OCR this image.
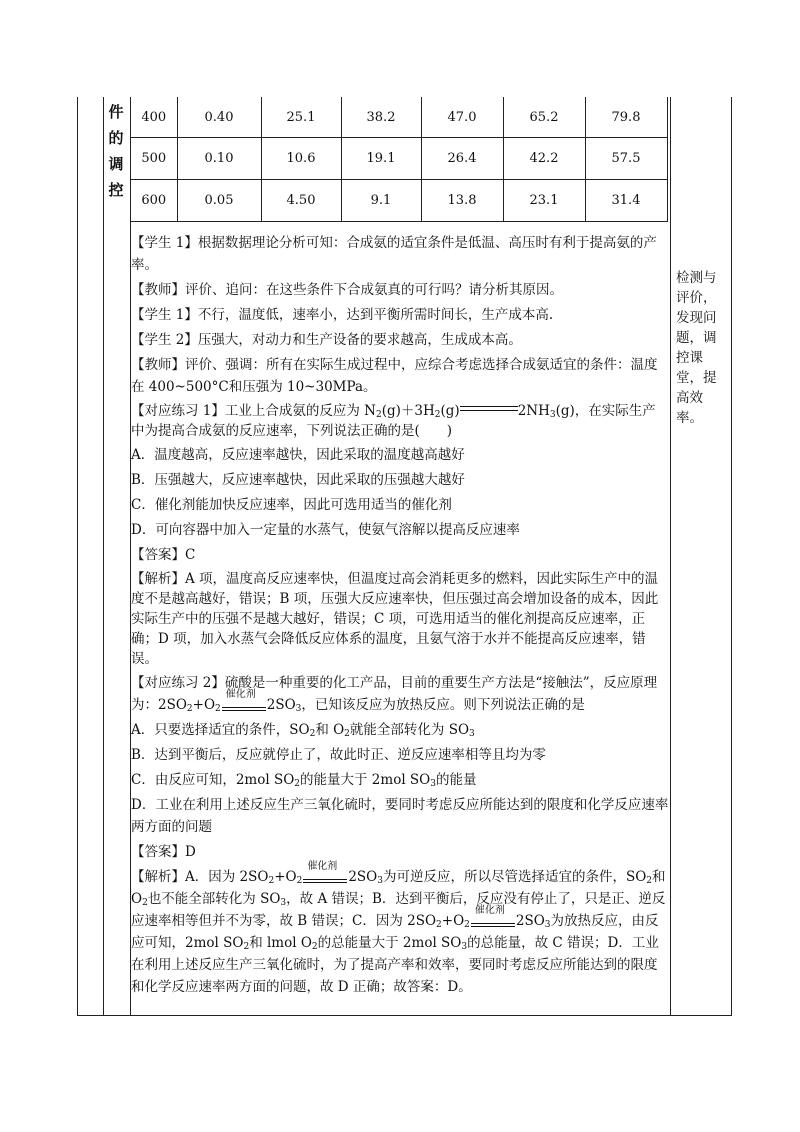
件
的
调
控
400	0.40	25.1	38.2	47.0	65.2	79.8
500	0.10	10.6	19.1	26.4	42.2	57.5
600	0.05	4.50	9.1	13.8	23.1	31.4

【学生 1】根据数据理论分析可知：合成氨的适宜条件是低温、高压时有利于提高氨的产率。

【教师】评价、追问：在这些条件下合成氨真的可行吗？请分析其原因。

【学生 1】不行，温度低，速率小，达到平衡所需时间长，生产成本高.

【学生 2】压强大，对动力和生产设备的要求越高，生成成本高。

【教师】评价、强调：所有在实际生成过程中，应综合考虑选择合成氨适宜的条件：温度在 400~500°C和压强为 10~30MPa。

【对应练习 1】工业上合成氨的反应为 $N_2(g)+3H_2(g)$	$2NH_3(g)$，在实际生产中为提高合成氨的反应速率，下列说法正确的是(　　)

A．温度越高，反应速率越快，因此采取的温度越高越好

B．压强越大，反应速率越快，因此采取的压强越大越好

C．催化剂能加快反应速率，因此可选用适当的催化剂

D．可向容器中加入一定量的水蒸气，使氨气溶解以提高反应速率

【答案】C

【解析】A 项，温度高反应速率快，但温度过高会消耗更多的燃料，因此实际生产中的温度不是越高越好，错误；B 项，压强大反应速率快，但压强过高会增加设备的成本，因此实际生产中的压强不是越大越好，错误；C 项，可选用适当的催化剂提高反应速率，正确；D 项，加入水蒸气会降低反应体系的温度，且氨气溶于水并不能提高反应速率，错误。

【对应练习 2】硫酸是一种重要的化工产品，目前的重要生产方法是“接触法”，反应原理为：$2SO_2+O_2$
催化剂
$2SO_3$，已知该反应为放热反应。则下列说法正确的是

A．只要选择适宜的条件，$SO_2$和 $O_2$就能全部转化为 $SO_3$

B．达到平衡后，反应就停止了，故此时正、逆反应速率相等且均为零

C．由反应可知，2mol $SO_2$的能量大于 2mol $SO_3$的能量

D．工业在利用上述反应生产三氧化硫时，要同时考虑反应所能达到的限度和化学反应速率两方面的问题

【答案】D

【解析】A．因为 $2SO_2+O_2$
催化剂
$2SO_3$为可逆反应，所以尽管选择适宜的条件，$SO_2$和 $O_2$也不能全部转化为 $SO_3$，故 A 错误；B．达到平衡后，反应没有停止了，只是正、逆反应速率相等但并不为零，故 B 错误；C．因为 $2SO_2+O_2$
催化剂
$2SO_3$为放热反应，由反应可知，2mol $SO_2$和 lmol $O_2$的总能量大于 2mol $SO_3$的总能量，故 C 错误；D．工业在利用上述反应生产三氧化硫时，为了提高产率和效率，要同时考虑反应所能达到的限度和化学反应速率两方面的问题，故 D 正确；故答案：D。

检测与评价，发现问题，调控课堂，提高效率。
